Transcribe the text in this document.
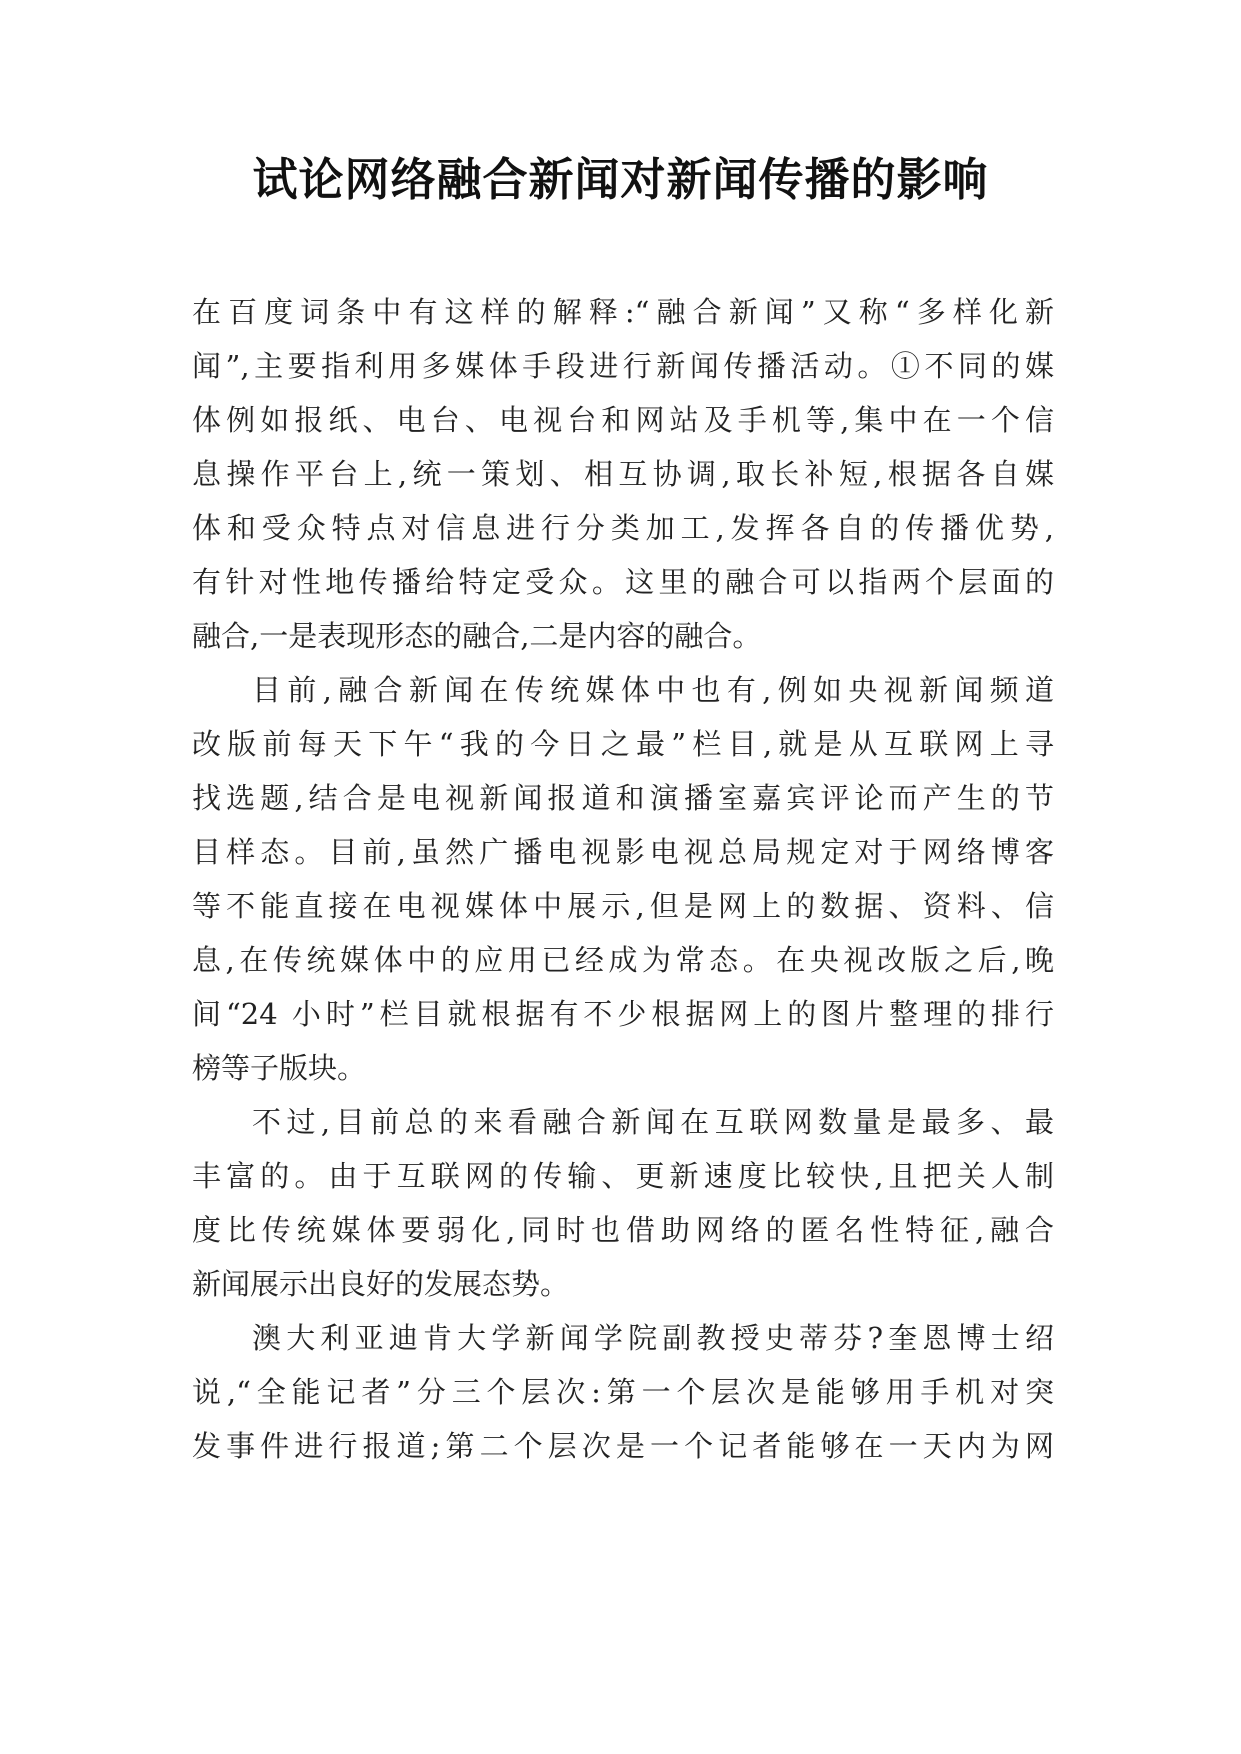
试论网络融合新闻对新闻传播的影响
在百度词条中有这样的解释:“融合新闻”又称“多样化新
闻”,主要指利用多媒体手段进行新闻传播活动。①不同的媒
体例如报纸、电台、电视台和网站及手机等,集中在一个信
息操作平台上,统一策划、相互协调,取长补短,根据各自媒
体和受众特点对信息进行分类加工,发挥各自的传播优势,
有针对性地传播给特定受众。这里的融合可以指两个层面的
融合,一是表现形态的融合,二是内容的融合。
目前,融合新闻在传统媒体中也有,例如央视新闻频道
改版前每天下午“我的今日之最”栏目,就是从互联网上寻
找选题,结合是电视新闻报道和演播室嘉宾评论而产生的节
目样态。目前,虽然广播电视影电视总局规定对于网络博客
等不能直接在电视媒体中展示,但是网上的数据、资料、信
息,在传统媒体中的应用已经成为常态。在央视改版之后,晚
间“24 小时”栏目就根据有不少根据网上的图片整理的排行
榜等子版块。
不过,目前总的来看融合新闻在互联网数量是最多、最
丰富的。由于互联网的传输、更新速度比较快,且把关人制
度比传统媒体要弱化,同时也借助网络的匿名性特征,融合
新闻展示出良好的发展态势。
澳大利亚迪肯大学新闻学院副教授史蒂芬?奎恩博士绍
说,“全能记者”分三个层次:第一个层次是能够用手机对突
发事件进行报道;第二个层次是一个记者能够在一天内为网
